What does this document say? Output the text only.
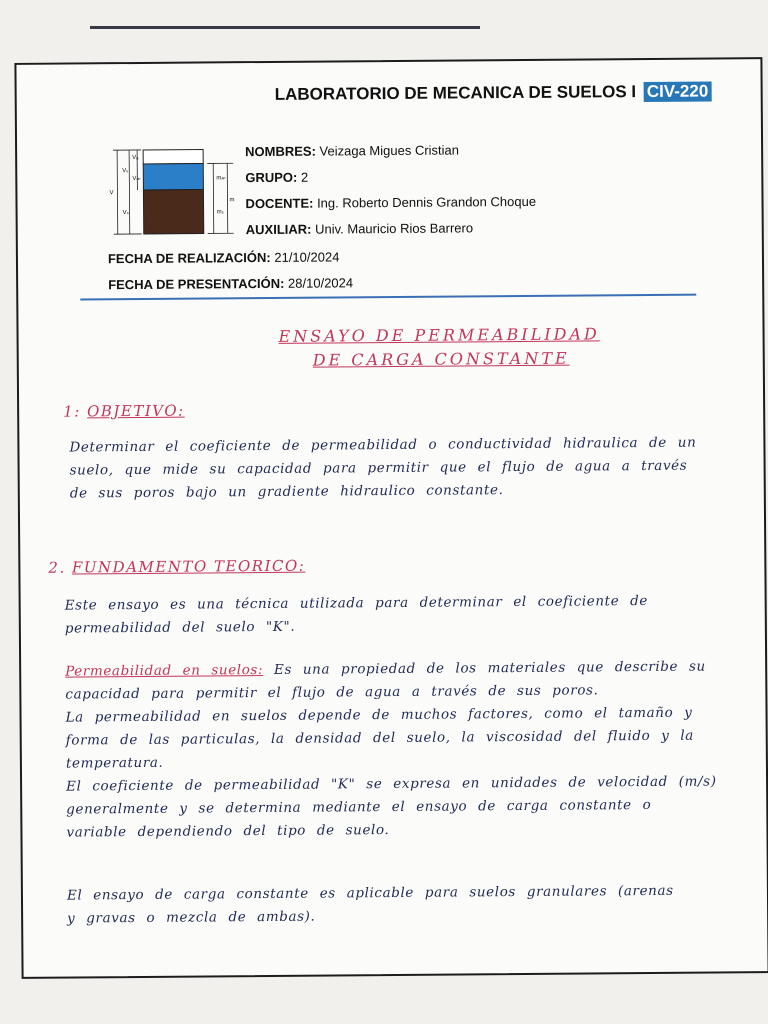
LABORATORIO DE MECANICA DE SUELOS I CIV-220
Vₐ
Vᵥ
V𝓌
V
Vₛ
m𝓌
mₛ
m
NOMBRES: Veizaga Migues Cristian
GRUPO: 2
DOCENTE: Ing. Roberto Dennis Grandon Choque
AUXILIAR: Univ. Mauricio Rios Barrero
FECHA DE REALIZACIÓN: 21/10/2024
FECHA DE PRESENTACIÓN: 28/10/2024
ENSAYO DE PERMEABILIDAD
DE CARGA CONSTANTE
1: OBJETIVO:
Determinar el coeficiente de permeabilidad o conductividad hidraulica de un suelo, que mide su capacidad para permitir que el flujo de agua a través de sus poros bajo un gradiente hidraulico constante.
2. FUNDAMENTO TEORICO:
Este ensayo es una técnica utilizada para determinar el coeficiente de permeabilidad del suelo "K".
Permeabilidad en suelos: Es una propiedad de los materiales que describe su capacidad para permitir el flujo de agua a través de sus poros.
La permeabilidad en suelos depende de muchos factores, como el tamaño y forma de las particulas, la densidad del suelo, la viscosidad del fluido y la temperatura.
El coeficiente de permeabilidad "K" se expresa en unidades de velocidad (m/s) generalmente y se determina mediante el ensayo de carga constante o variable dependiendo del tipo de suelo.
El ensayo de carga constante es aplicable para suelos granulares (arenas y gravas o mezcla de ambas).
